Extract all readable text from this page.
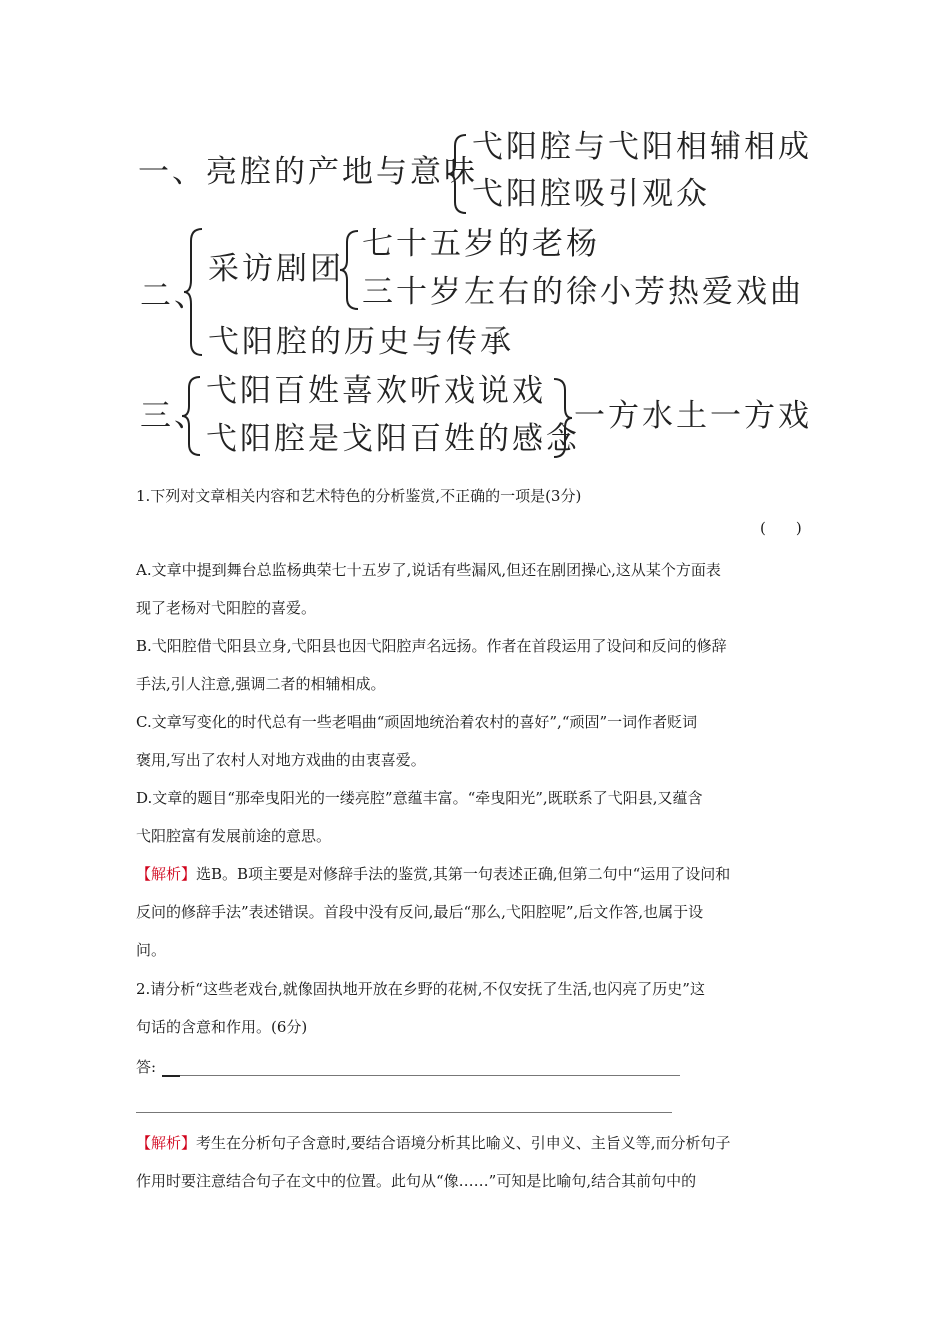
一、亮腔的产地与意味
弋阳腔与弋阳相辅相成
弋阳腔吸引观众
二、
采访剧团
七十五岁的老杨
三十岁左右的徐小芳热爱戏曲
弋阳腔的历史与传承
三、
弋阳百姓喜欢听戏说戏
弋阳腔是戈阳百姓的感念
一方水土一方戏
1.下列对文章相关内容和艺术特色的分析鉴赏,不正确的一项是(3分)
(　　)
A.文章中提到舞台总监杨典荣七十五岁了,说话有些漏风,但还在剧团操心,这从某个方面表
现了老杨对弋阳腔的喜爱。
B.弋阳腔借弋阳县立身,弋阳县也因弋阳腔声名远扬。作者在首段运用了设问和反问的修辞
手法,引人注意,强调二者的相辅相成。
C.文章写变化的时代总有一些老唱曲“顽固地统治着农村的喜好”,“顽固”一词作者贬词
褒用,写出了农村人对地方戏曲的由衷喜爱。
D.文章的题目“那牵曳阳光的一缕亮腔”意蕴丰富。“牵曳阳光”,既联系了弋阳县,又蕴含
弋阳腔富有发展前途的意思。
【解析】选B。B项主要是对修辞手法的鉴赏,其第一句表述正确,但第二句中“运用了设问和
反问的修辞手法”表述错误。首段中没有反问,最后“那么,弋阳腔呢”,后文作答,也属于设
问。
2.请分析“这些老戏台,就像固执地开放在乡野的花树,不仅安抚了生活,也闪亮了历史”这
句话的含意和作用。(6分)
答:
【解析】考生在分析句子含意时,要结合语境分析其比喻义、引申义、主旨义等,而分析句子
作用时要注意结合句子在文中的位置。此句从“像……”可知是比喻句,结合其前句中的
